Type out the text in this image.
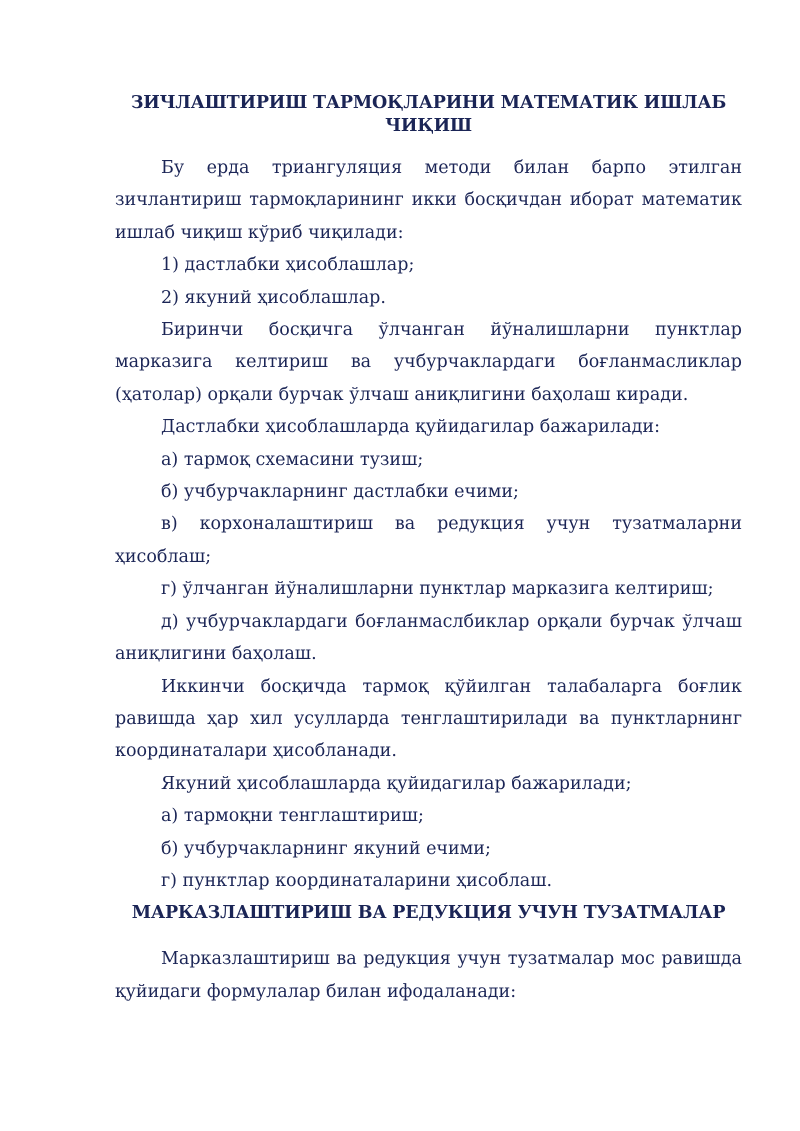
ЗИЧЛАШТИРИШ ТАРМОҚЛАРИНИ МАТЕМАТИК ИШЛАБ ЧИҚИШ

Бу ерда триангуляция методи билан барпо этилган зичлантириш тармоқларининг икки босқичдан иборат математик ишлаб чиқиш кўриб чиқилади:

1) дастлабки ҳисоблашлар;

2) якуний ҳисоблашлар.

Биринчи босқичга ўлчанган йўналишларни пунктлар марказига келтириш ва учбурчаклардаги боғланмасликлар (ҳатолар) орқали бурчак ўлчаш аниқлигини баҳолаш киради.

Дастлабки ҳисоблашларда қуйидагилар бажарилади:

а) тармоқ схемасини тузиш;

б) учбурчакларнинг дастлабки ечими;

в) корхоналаштириш ва редукция учун тузатмаларни ҳисоблаш;

г) ўлчанган йўналишларни пунктлар марказига келтириш;

д) учбурчаклардаги боғланмаслбиклар орқали бурчак ўлчаш аниқлигини баҳолаш.

Иккинчи босқичда тармоқ қўйилган талабаларга боғлик равишда ҳар хил усулларда тенглаштирилади ва пунктларнинг координаталари ҳисобланади.

Якуний ҳисоблашларда қуйидагилар бажарилади;

а) тармоқни тенглаштириш;

б) учбурчакларнинг якуний ечими;

г) пунктлар координаталарини ҳисоблаш.

МАРКАЗЛАШТИРИШ ВА РЕДУКЦИЯ УЧУН ТУЗАТМАЛАР

Марказлаштириш ва редукция учун тузатмалар мос равишда қуйидаги формулалар билан ифодаланади:
